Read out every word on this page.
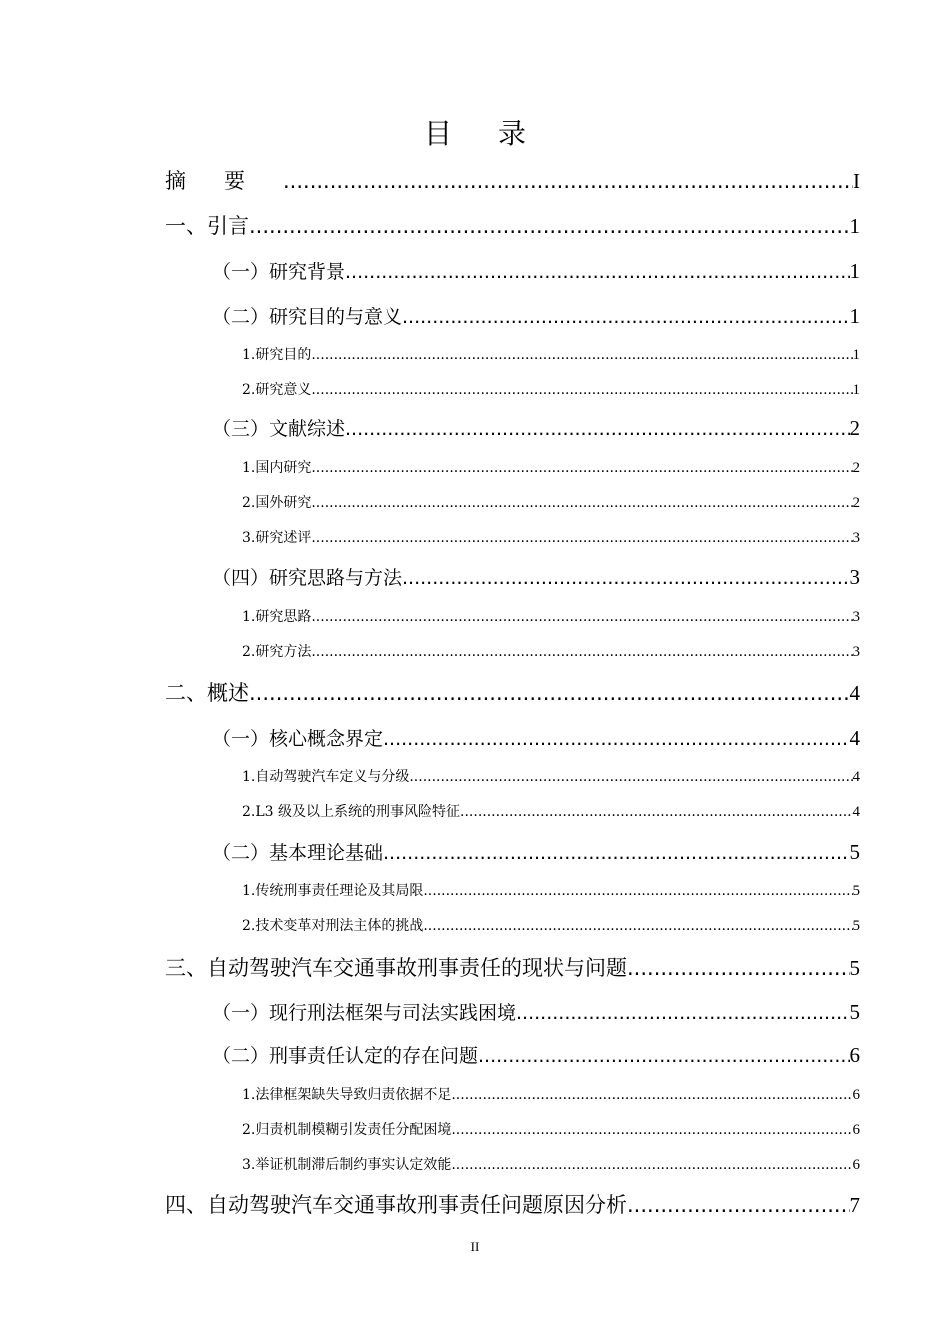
目录
摘要 .....	I
一、引言 .....	1
（一）研究背景 .....	1
（二）研究目的与意义 .....	1
1.研究目的 .....	1
2.研究意义 .....	1
（三）文献综述 .....	2
1.国内研究 .....	2
2.国外研究 .....	2
3.研究述评 .....	3
（四）研究思路与方法 .....	3
1.研究思路 .....	3
2.研究方法 .....	3
二、概述 .....	4
（一）核心概念界定 .....	4
1.自动驾驶汽车定义与分级 .....	4
2.L3 级及以上系统的刑事风险特征 .....	4
（二）基本理论基础 .....	5
1.传统刑事责任理论及其局限 .....	5
2.技术变革对刑法主体的挑战 .....	5
三、自动驾驶汽车交通事故刑事责任的现状与问题 .....	5
（一）现行刑法框架与司法实践困境 .....	5
（二）刑事责任认定的存在问题 .....	6
1.法律框架缺失导致归责依据不足 .....	6
2.归责机制模糊引发责任分配困境 .....	6
3.举证机制滞后制约事实认定效能 .....	6
四、自动驾驶汽车交通事故刑事责任问题原因分析 .....	7
II
